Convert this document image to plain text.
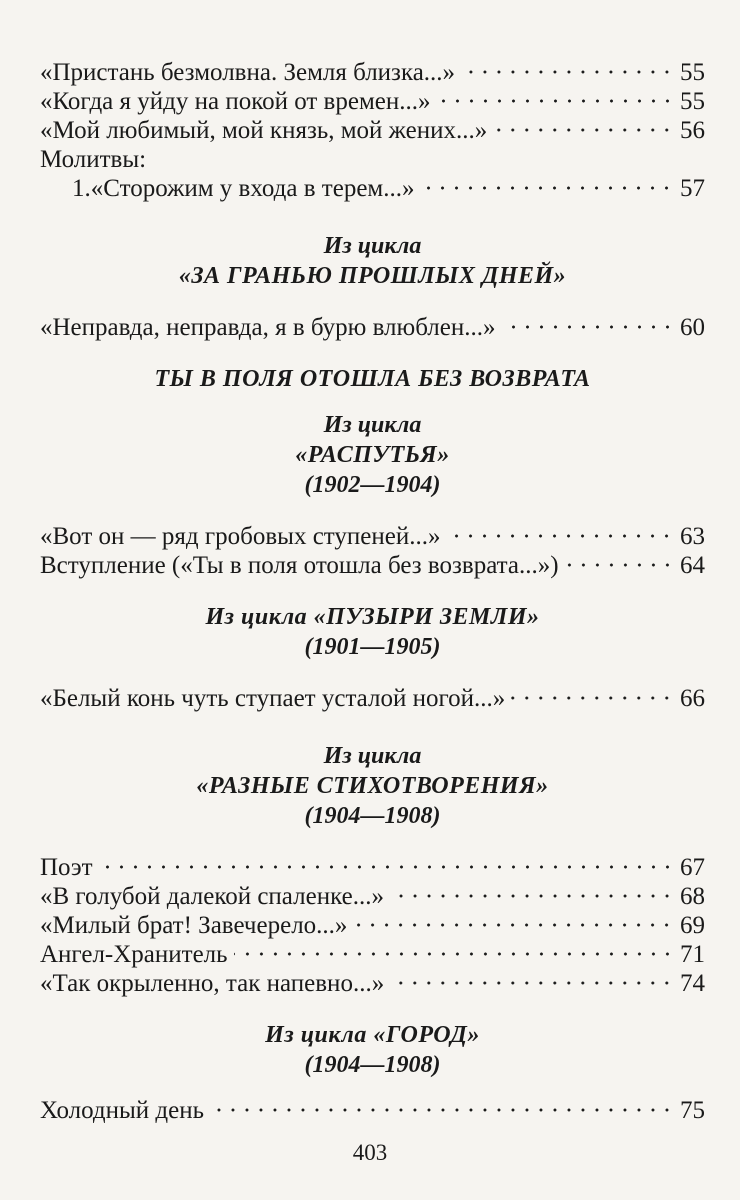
«Пристань безмолвна. Земля близка...»	55
«Когда я уйду на покой от времен...»	55
«Мой любимый, мой князь, мой жених...»	56
Молитвы:
1.«Сторожим у входа в терем...»	57
Из цикла
«ЗА ГРАНЬЮ ПРОШЛЫХ ДНЕЙ»
«Неправда, неправда, я в бурю влюблен...»	60
ТЫ В ПОЛЯ ОТОШЛА БЕЗ ВОЗВРАТА
Из цикла
«РАСПУТЬЯ»
(1902—1904)
«Вот он — ряд гробовых ступеней...»	63
Вступление («Ты в поля отошла без возврата...»)	64
Из цикла «ПУЗЫРИ ЗЕМЛИ»
(1901—1905)
«Белый конь чуть ступает усталой ногой...»	66
Из цикла
«РАЗНЫЕ СТИХОТВОРЕНИЯ»
(1904—1908)
Поэт	67
«В голубой далекой спаленке...»	68
«Милый брат! Завечерело...»	69
Ангел-Хранитель	71
«Так окрыленно, так напевно...»	74
Из цикла «ГОРОД»
(1904—1908)
Холодный день	75
403
